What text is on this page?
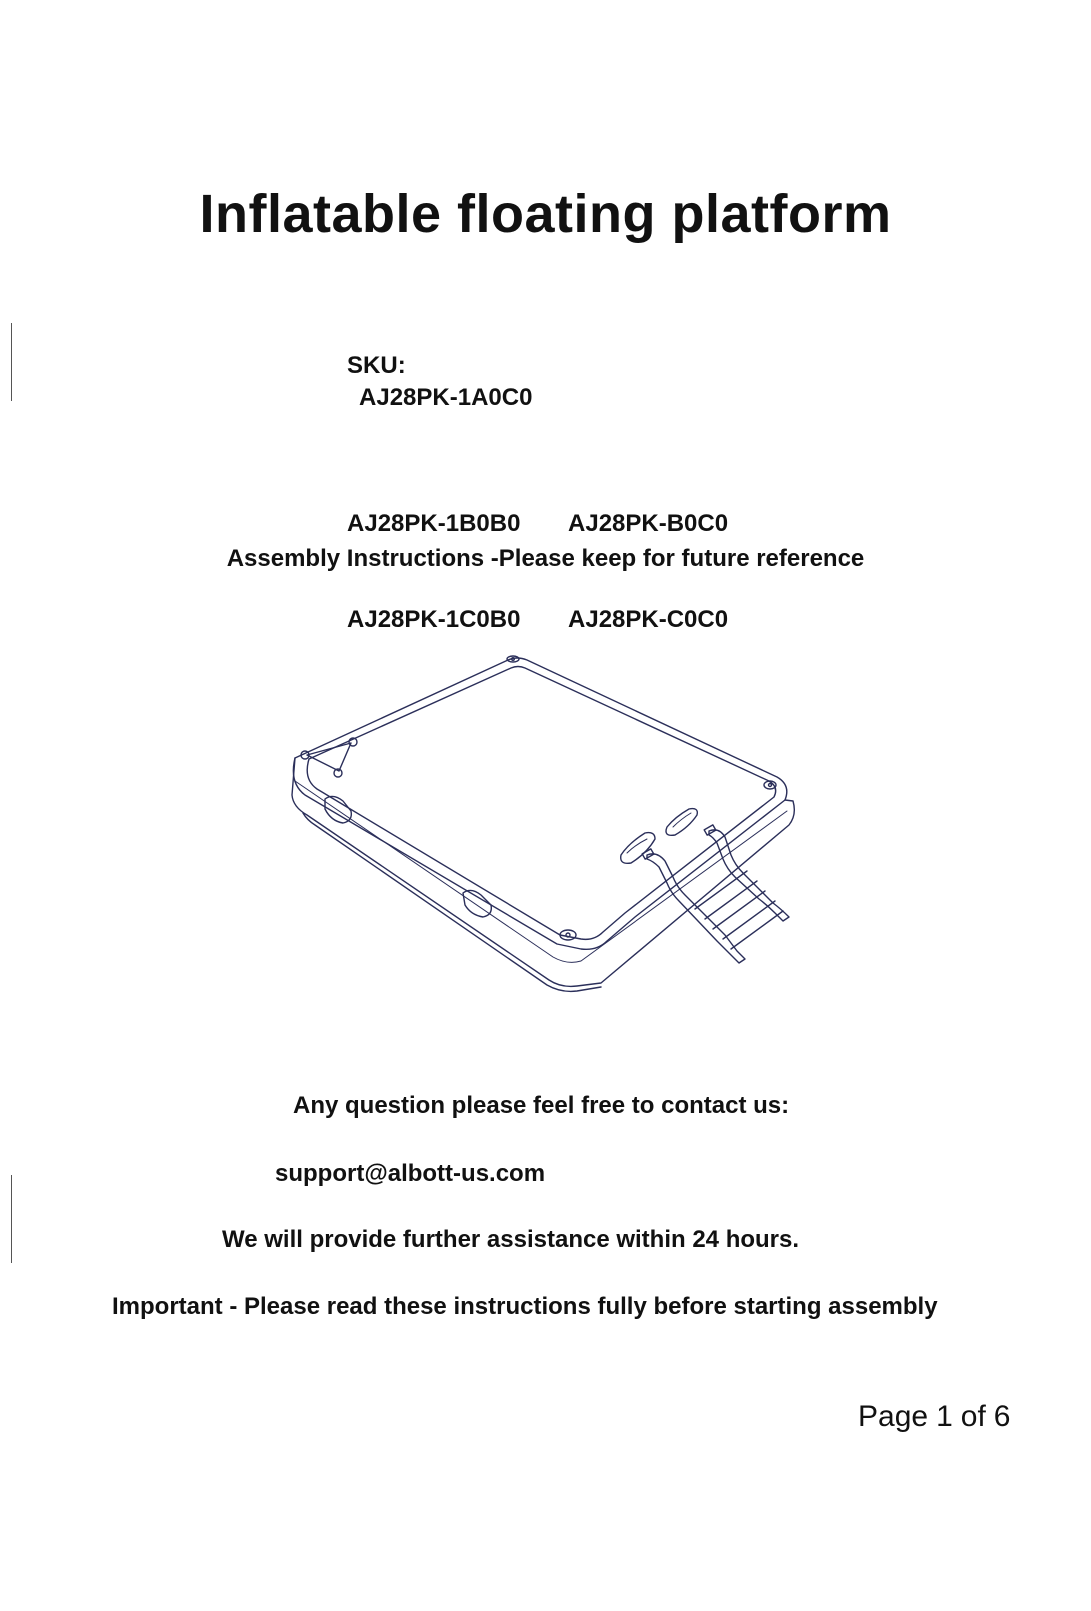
Inflatable floating platform

SKU:
AJ28PK-1A0C0

AJ28PK-1B0B0 AJ28PK-B0C0

AJ28PK-1C0B0 AJ28PK-C0C0

Assembly Instructions -Please keep for future reference
Any question please feel free to contact us:
support@albott-us.com
We will provide further assistance within 24 hours.
Important - Please read these instructions fully before starting assembly
Page 1 of 6
